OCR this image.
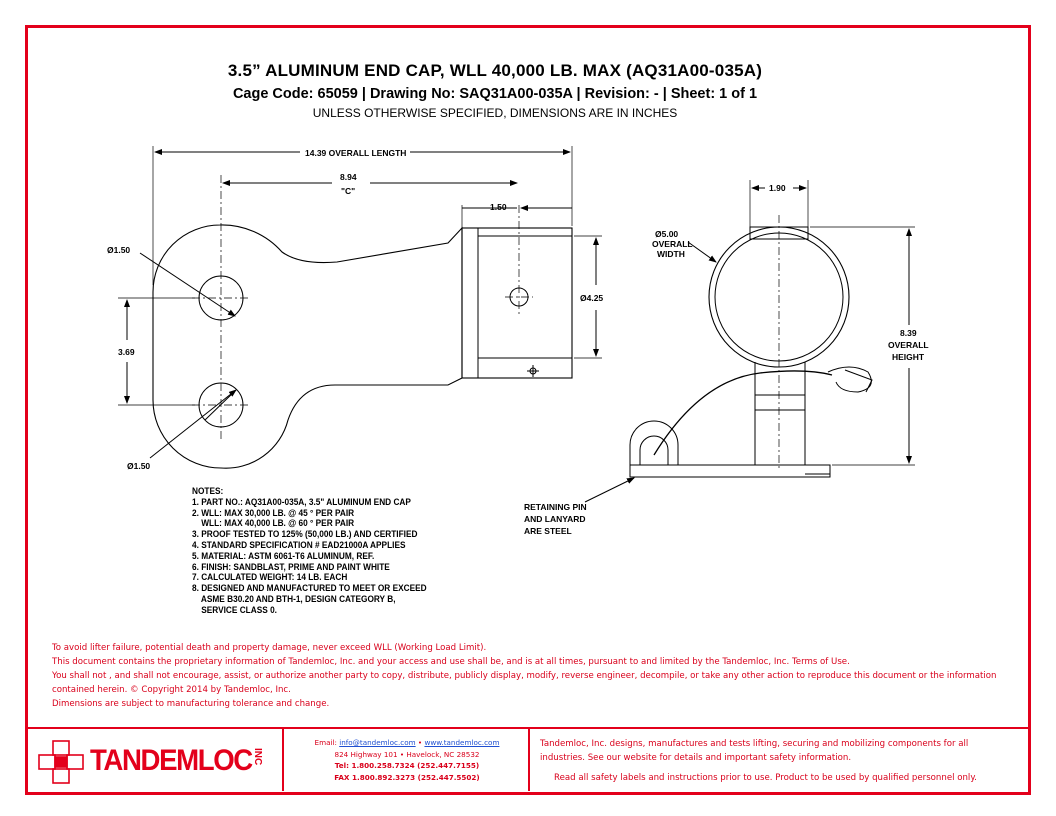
3.5” ALUMINUM END CAP, WLL 40,000 LB. MAX (AQ31A00-035A)
Cage Code: 65059 | Drawing No: SAQ31A00-035A | Revision: - | Sheet: 1 of 1
UNLESS OTHERWISE SPECIFIED, DIMENSIONS ARE IN INCHES
14.39 OVERALL LENGTH
8.94
"C"
1.50
Ø1.50
Ø1.50
3.69
Ø4.25
1.90
Ø5.00
OVERALL
WIDTH
8.39
OVERALL
HEIGHT
RETAINING PIN
AND LANYARD
ARE STEEL
NOTES:
1. PART NO.: AQ31A00-035A, 3.5" ALUMINUM END CAP
2. WLL: MAX 30,000 LB. @ 45 ° PER PAIR
WLL: MAX 40,000 LB. @ 60 ° PER PAIR
3. PROOF TESTED TO 125% (50,000 LB.) AND CERTIFIED
4. STANDARD SPECIFICATION # EAD21000A APPLIES
5. MATERIAL: ASTM 6061-T6 ALUMINUM, REF.
6. FINISH: SANDBLAST, PRIME AND PAINT WHITE
7. CALCULATED WEIGHT: 14 LB. EACH
8. DESIGNED AND MANUFACTURED TO MEET OR EXCEED
ASME B30.20 AND BTH-1, DESIGN CATEGORY B,
SERVICE CLASS 0.
To avoid lifter failure, potential death and property damage, never exceed WLL (Working Load Limit).
This document contains the proprietary information of Tandemloc, Inc. and your access and use shall be, and is at all times, pursuant to and limited by the Tandemloc, Inc. Terms of Use.
You shall not , and shall not encourage, assist, or authorize another party to copy, distribute, publicly display, modify, reverse engineer, decompile, or take any other action to reproduce this document or the information contained herein. © Copyright 2014 by Tandemloc, Inc.
Dimensions are subject to manufacturing tolerance and change.
TANDEMLOC INC
Email: info@tandemloc.com • www.tandemloc.com
824 Highway 101 • Havelock, NC 28532
Tel: 1.800.258.7324 (252.447.7155)
FAX 1.800.892.3273 (252.447.5502)
Tandemloc, Inc. designs, manufactures and tests lifting, securing and mobilizing components for all industries. See our website for details and important safety information.
Read all safety labels and instructions prior to use. Product to be used by qualified personnel only.
